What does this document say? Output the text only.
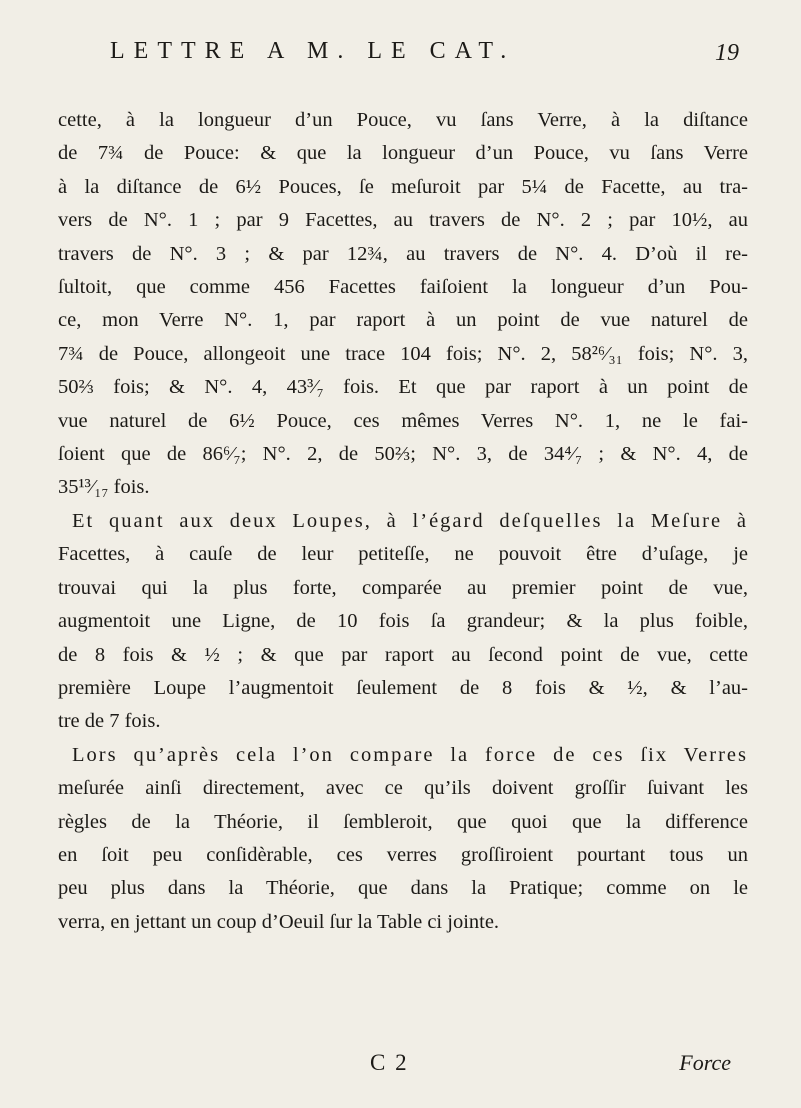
LETTRE A M. LE CAT.	19
cette, à la longueur d’un Pouce, vu ſans Verre, à la diſtance
de 7¾ de Pouce: & que la longueur d’un Pouce, vu ſans Verre
à la diſtance de 6½ Pouces, ſe meſuroit par 5¼ de Facette, au tra-
vers de N°. 1 ; par 9 Facettes, au travers de N°. 2 ; par 10½, au
travers de N°. 3 ; & par 12¾, au travers de N°. 4. D’où il re-
ſultoit, que comme 456 Facettes faiſoient la longueur d’un Pou-
ce, mon Verre N°. 1, par raport à un point de vue naturel de
7¾ de Pouce, allongeoit une trace 104 fois; N°. 2, 58²⁶⁄₃₁ fois; N°. 3,
50⅔ fois; & N°. 4, 43³⁄₇ fois. Et que par raport à un point de
vue naturel de 6½ Pouce, ces mêmes Verres N°. 1, ne le fai-
ſoient que de 86⁶⁄₇; N°. 2, de 50⅔; N°. 3, de 34⁴⁄₇ ; & N°. 4, de
35¹³⁄₁₇ fois.
Et quant aux deux Loupes, à l’égard deſquelles la Meſure à
Facettes, à cauſe de leur petiteſſe, ne pouvoit être d’uſage, je
trouvai qui la plus forte, comparée au premier point de vue,
augmentoit une Ligne, de 10 fois ſa grandeur; & la plus foible,
de 8 fois & ½ ; & que par raport au ſecond point de vue, cette
première Loupe l’augmentoit ſeulement de 8 fois & ½, & l’au-
tre de 7 fois.
Lors qu’après cela l’on compare la force de ces ſix Verres
meſurée ainſi directement, avec ce qu’ils doivent groſſir ſuivant les
règles de la Théorie, il ſembleroit, que quoi que la difference
en ſoit peu conſidèrable, ces verres groſſiroient pourtant tous un
peu plus dans la Théorie, que dans la Pratique; comme on le
verra, en jettant un coup d’Oeuil ſur la Table ci jointe.
C 2	Force
